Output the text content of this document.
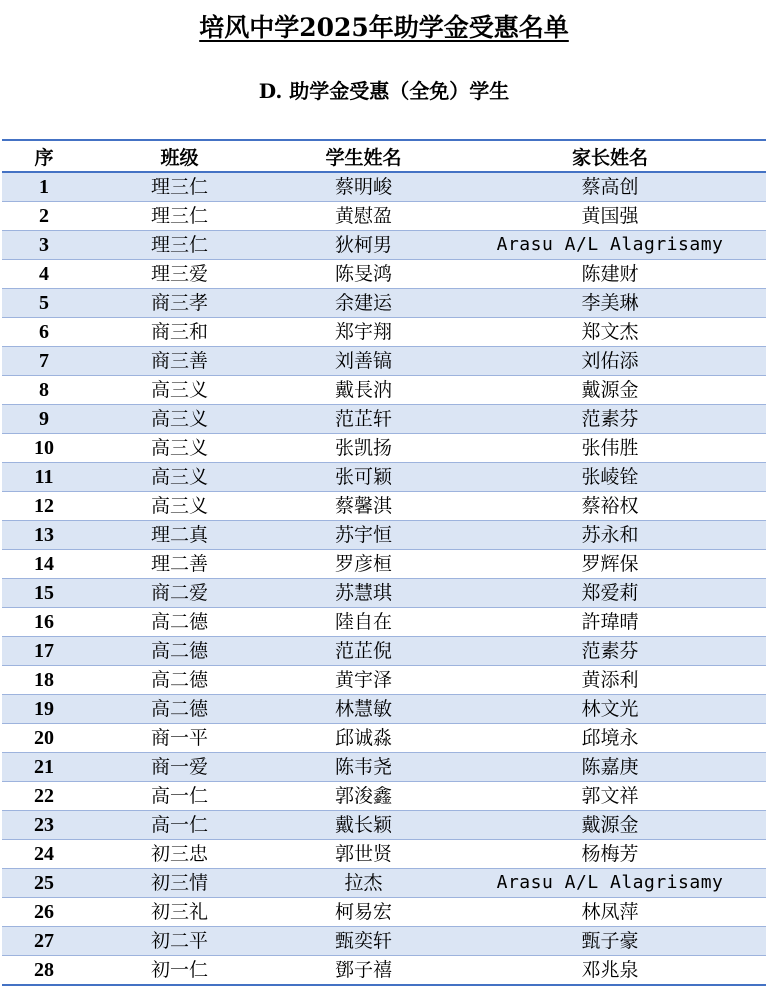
培风中学2025年助学金受惠名单
D. 助学金受惠（全免）学生
序	班级	学生姓名	家长姓名
1	理三仁	蔡明峻	蔡高创
2	理三仁	黄慰盈	黄国强
3	理三仁	狄柯男	Arasu A/L Alagrisamy
4	理三爱	陈旻鸿	陈建财
5	商三孝	余建运	李美琳
6	商三和	郑宇翔	郑文杰
7	商三善	刘善镐	刘佑添
8	高三义	戴長汭	戴源金
9	高三义	范芷轩	范素芬
10	高三义	张凯扬	张伟胜
11	高三义	张可颖	张崚铨
12	高三义	蔡馨淇	蔡裕权
13	理二真	苏宇恒	苏永和
14	理二善	罗彦桓	罗辉保
15	商二爱	苏慧琪	郑爱莉
16	高二德	陸自在	許瑋晴
17	高二德	范芷倪	范素芬
18	高二德	黄宇泽	黄添利
19	高二德	林慧敏	林文光
20	商一平	邱诚淼	邱境永
21	商一爱	陈韦尧	陈嘉庚
22	高一仁	郭浚鑫	郭文祥
23	高一仁	戴长颖	戴源金
24	初三忠	郭世贤	杨梅芳
25	初三情	拉杰	Arasu A/L Alagrisamy
26	初三礼	柯易宏	林凤萍
27	初二平	甄奕轩	甄子豪
28	初一仁	鄧子禧	邓兆泉
